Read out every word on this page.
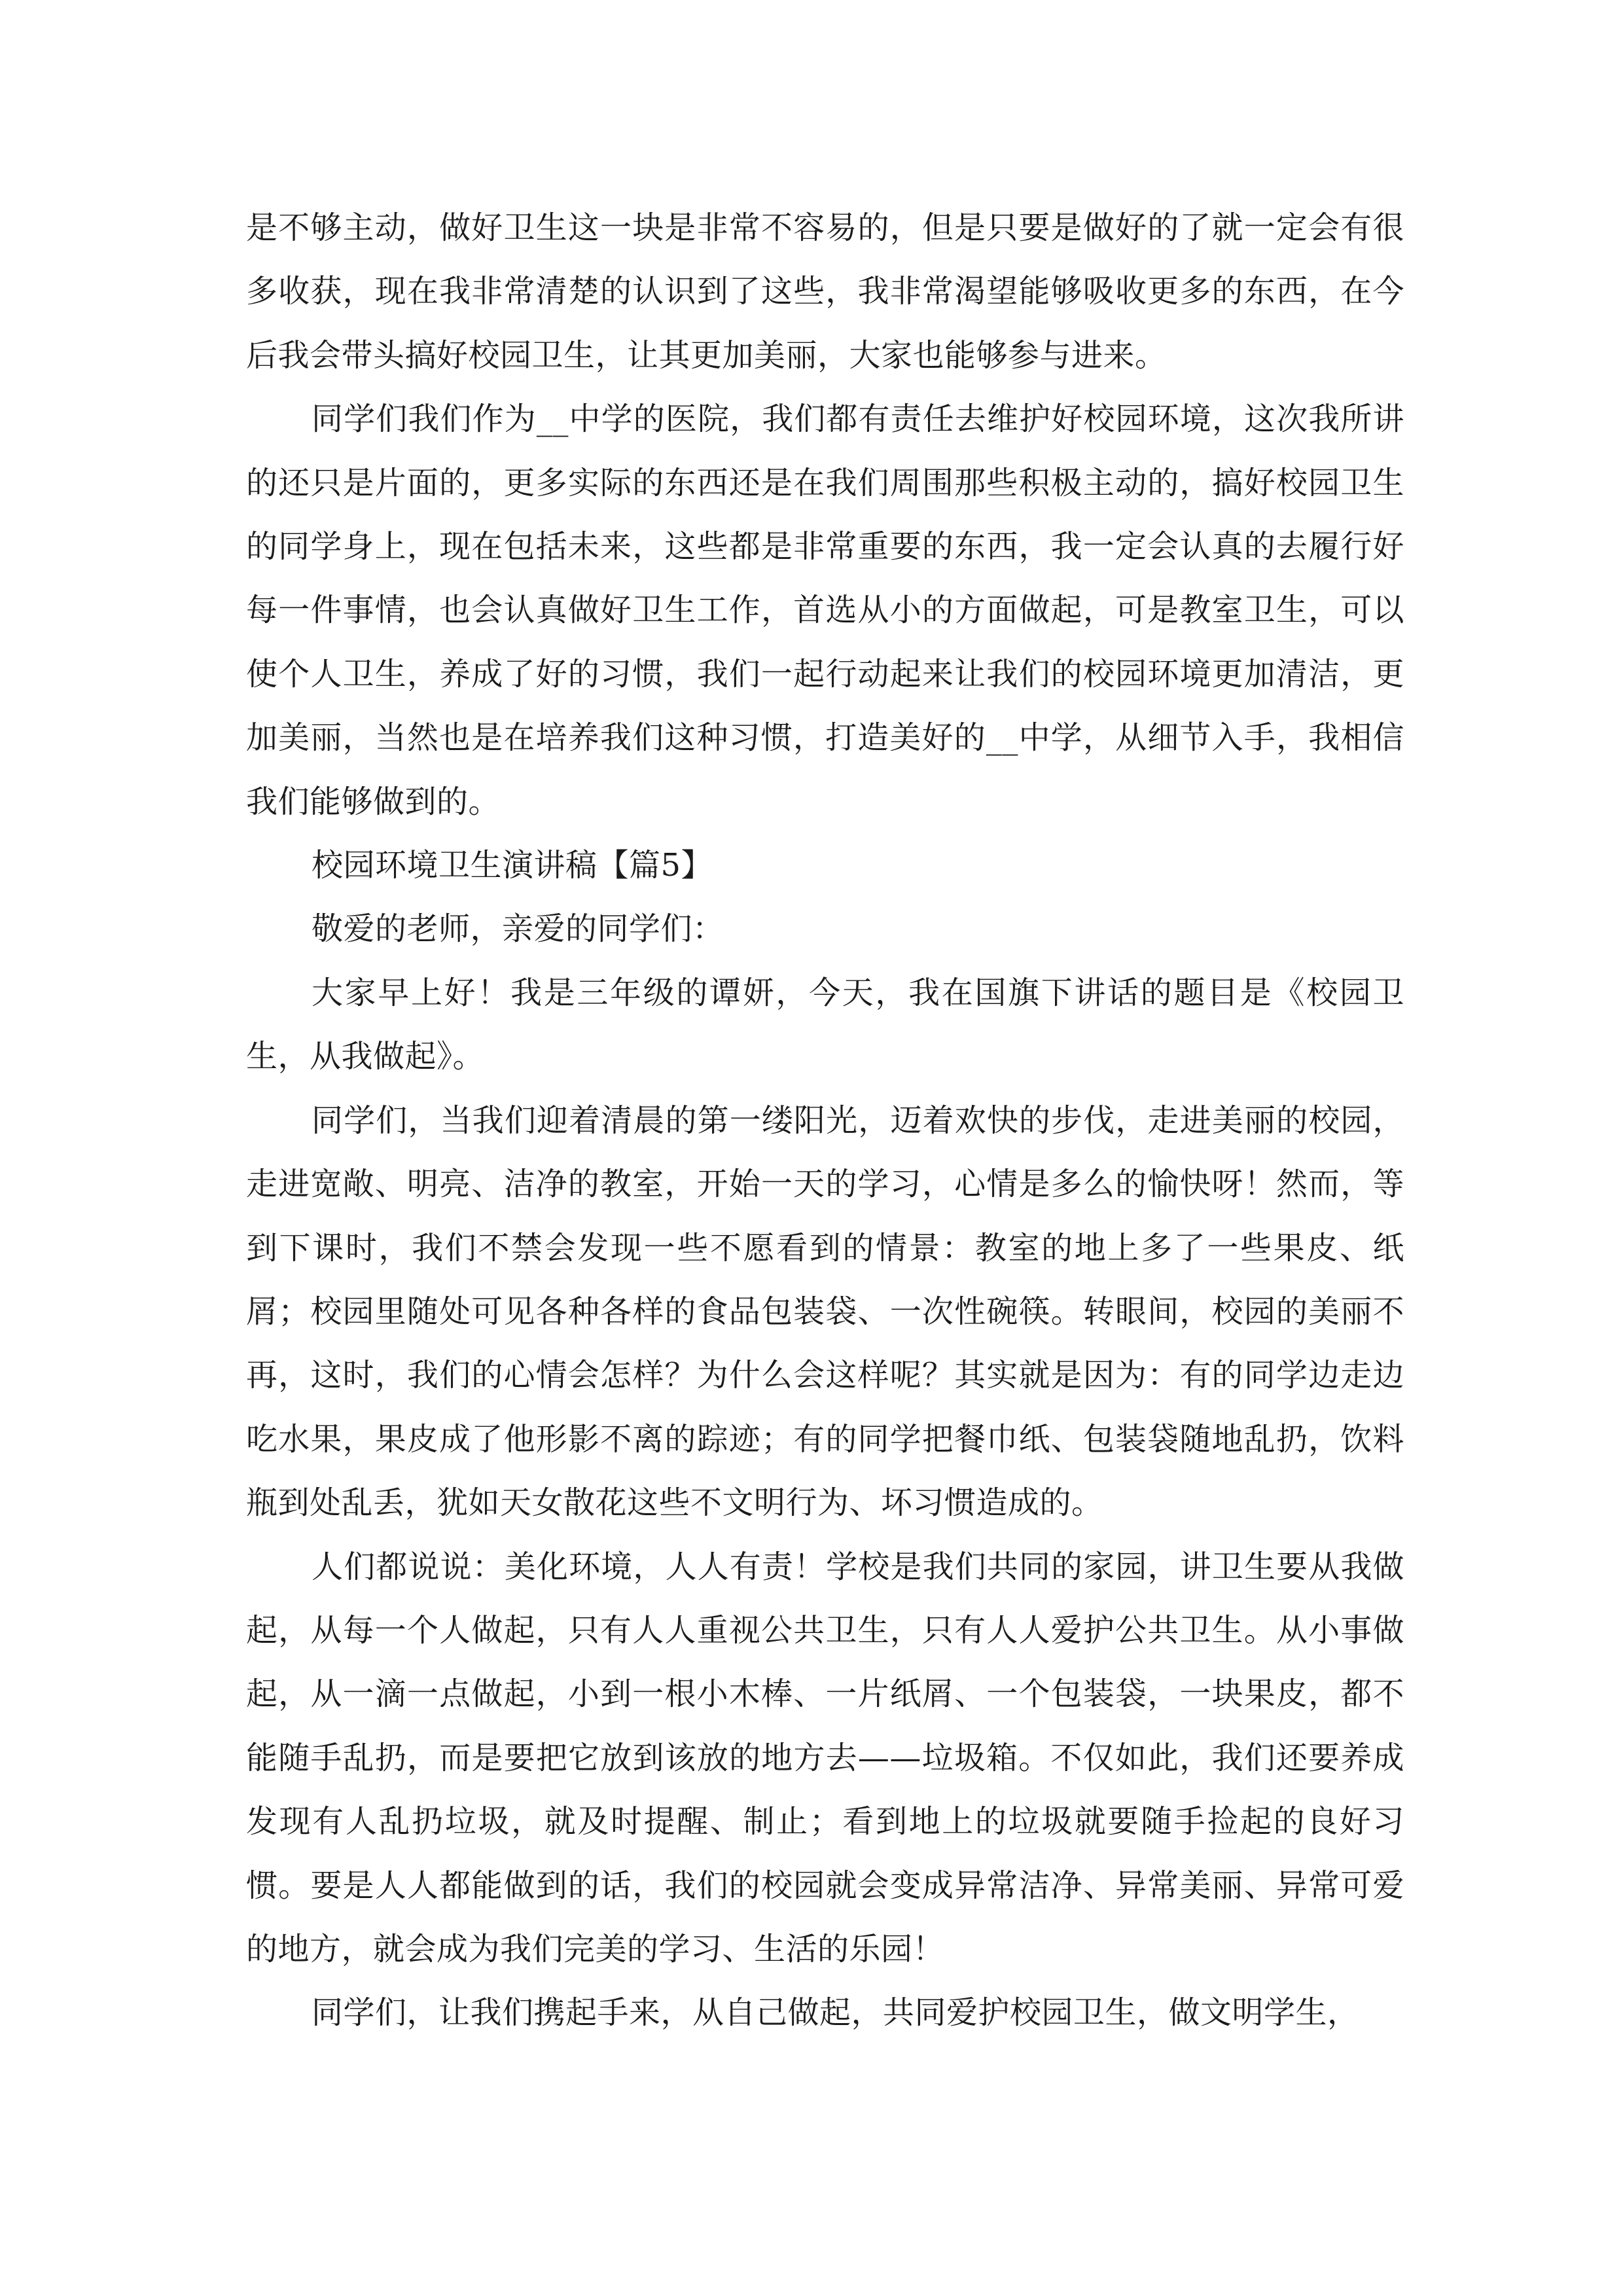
是不够主动，做好卫生这一块是非常不容易的，但是只要是做好的了就一定会有很多收获，现在我非常清楚的认识到了这些，我非常渴望能够吸收更多的东西，在今后我会带头搞好校园卫生，让其更加美丽，大家也能够参与进来。

同学们我们作为__中学的医院，我们都有责任去维护好校园环境，这次我所讲的还只是片面的，更多实际的东西还是在我们周围那些积极主动的，搞好校园卫生的同学身上，现在包括未来，这些都是非常重要的东西，我一定会认真的去履行好每一件事情，也会认真做好卫生工作，首选从小的方面做起，可是教室卫生，可以使个人卫生，养成了好的习惯，我们一起行动起来让我们的校园环境更加清洁，更加美丽，当然也是在培养我们这种习惯，打造美好的__中学，从细节入手，我相信我们能够做到的。

校园环境卫生演讲稿【篇5】

敬爱的老师，亲爱的同学们：

大家早上好！我是三年级的谭妍，今天，我在国旗下讲话的题目是《校园卫生，从我做起》。

同学们，当我们迎着清晨的第一缕阳光，迈着欢快的步伐，走进美丽的校园，走进宽敞、明亮、洁净的教室，开始一天的学习，心情是多么的愉快呀！然而，等到下课时，我们不禁会发现一些不愿看到的情景：教室的地上多了一些果皮、纸屑；校园里随处可见各种各样的食品包装袋、一次性碗筷。转眼间，校园的美丽不再，这时，我们的心情会怎样？为什么会这样呢？其实就是因为：有的同学边走边吃水果，果皮成了他形影不离的踪迹；有的同学把餐巾纸、包装袋随地乱扔，饮料瓶到处乱丢，犹如天女散花这些不文明行为、坏习惯造成的。

人们都说说：美化环境，人人有责！学校是我们共同的家园，讲卫生要从我做起，从每一个人做起，只有人人重视公共卫生，只有人人爱护公共卫生。从小事做起，从一滴一点做起，小到一根小木棒、一片纸屑、一个包装袋，一块果皮，都不能随手乱扔，而是要把它放到该放的地方去——垃圾箱。不仅如此，我们还要养成发现有人乱扔垃圾，就及时提醒、制止；看到地上的垃圾就要随手捡起的良好习惯。要是人人都能做到的话，我们的校园就会变成异常洁净、异常美丽、异常可爱的地方，就会成为我们完美的学习、生活的乐园！

同学们，让我们携起手来，从自己做起，共同爱护校园卫生，做文明学生，
